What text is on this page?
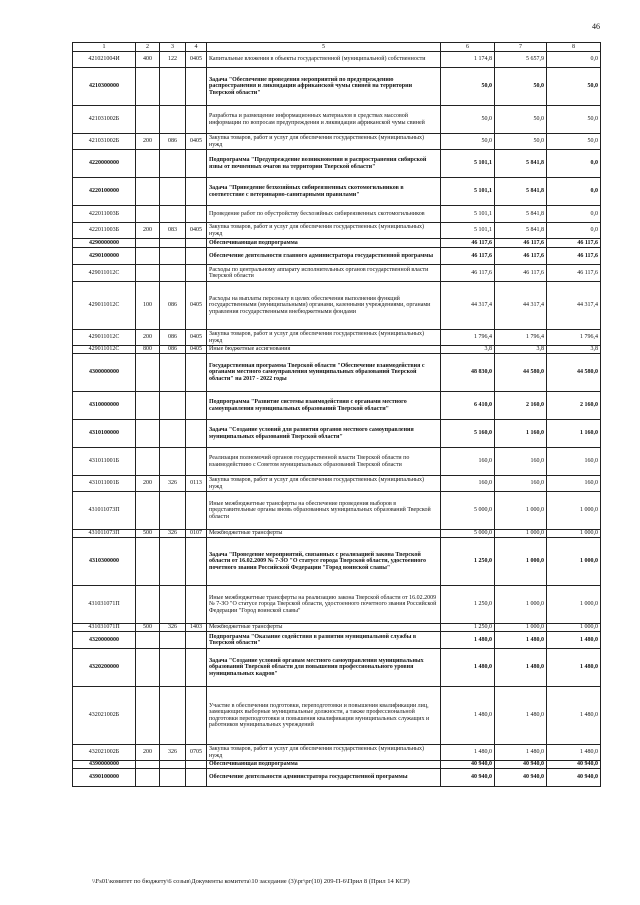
46
1	2	3	4	5	6	7	8
421021004И	400	122	0405	Капитальные вложения в объекты государственной (муниципальной) собственности	1 174,8	5 657,9	0,0
4210300000				Задача "Обеспечение проведения мероприятий по предупреждению распространения и ликвидации африканской чумы свиней на территории Тверской области"	50,0	50,0	50,0
421031002Б				Разработка и размещение информационных материалов в средствах массовой информации по вопросам предупреждения и ликвидации африканской чумы свиней	50,0	50,0	50,0
421031002Б	200	086	0405	Закупка товаров, работ и услуг для обеспечения государственных (муниципальных) нужд	50,0	50,0	50,0
4220000000				Подпрограмма "Предупреждение возникновения и распространения сибирской язвы от почвенных очагов на территории Тверской области"	5 101,1	5 841,8	0,0
4220100000				Задача "Приведение безхозяйных сибиреязвенных скотомогильников в соответствие с ветеринарно-санитарными правилами"	5 101,1	5 841,8	0,0
422011003Б				Проведение работ по обустройству бесхозяйных сибиреязвенных скотомогильников	5 101,1	5 841,8	0,0
422011003Б	200	083	0405	Закупка товаров, работ и услуг для обеспечения государственных (муниципальных) нужд	5 101,1	5 841,8	0,0
4290000000				Обеспечивающая подпрограмма	46 117,6	46 117,6	46 117,6
4290100000				Обеспечение деятельности главного администратора государственной программы	46 117,6	46 117,6	46 117,6
429011012С				Расходы по центральному аппарату исполнительных органов государственной власти Тверской области	46 117,6	46 117,6	46 117,6
429011012С	100	086	0405	Расходы на выплаты персоналу в целях обеспечения выполнения функций государственными (муниципальными) органами, казенными учреждениями, органами управления государственными внебюджетными фондами	44 317,4	44 317,4	44 317,4
429011012С	200	086	0405	Закупка товаров, работ и услуг для обеспечения государственных (муниципальных) нужд	1 796,4	1 796,4	1 796,4
429011012С	800	086	0405	Иные бюджетные ассигнования	3,8	3,8	3,8
4300000000				Государственная программа Тверской области "Обеспечение взаимодействия с органами местного самоуправления муниципальных образований Тверской области" на 2017 - 2022 годы	48 830,0	44 580,0	44 580,0
4310000000				Подпрограмма "Развитие системы взаимодействия с органами местного самоуправления муниципальных образований Тверской области"	6 410,0	2 160,0	2 160,0
4310100000				Задача "Создание условий для развития органов местного самоуправления муниципальных образований Тверской области"	5 160,0	1 160,0	1 160,0
431011001Б				Реализация полномочий органов государственной власти Тверской области по взаимодействию с Советом муниципальных образований Тверской области	160,0	160,0	160,0
431011001Б	200	326	0113	Закупка товаров, работ и услуг для обеспечения государственных (муниципальных) нужд	160,0	160,0	160,0
431011073П				Иные межбюджетные трансферты на обеспечение проведения выборов в представительные органы вновь образованных муниципальных образований Тверской области	5 000,0	1 000,0	1 000,0
431011073П	500	326	0107	Межбюджетные трансферты	5 000,0	1 000,0	1 000,0
4310300000				Задача "Проведение мероприятий, связанных с реализацией закона Тверской области от 16.02.2009 № 7-ЗО "О статусе города Тверской области, удостоенного почетного звания Российской Федерации "Город воинской славы"	1 250,0	1 000,0	1 000,0
431031071П				Иные межбюджетные трансферты на реализацию закона Тверской области от 16.02.2009 № 7-ЗО "О статусе города Тверской области, удостоенного почетного звания Российской Федерации "Город воинской славы"	1 250,0	1 000,0	1 000,0
431031071П	500	326	1403	Межбюджетные трансферты	1 250,0	1 000,0	1 000,0
4320000000				Подпрограмма "Оказание содействия в развитии муниципальной службы в Тверской области"	1 480,0	1 480,0	1 480,0
4320200000				Задача "Создание условий органам местного самоуправления муниципальных образований Тверской области для повышения профессионального уровня муниципальных кадров"	1 480,0	1 480,0	1 480,0
432021002Б				Участие в обеспечении подготовки, переподготовки и повышения квалификации лиц, замещающих выборные муниципальные должности, а также профессиональной подготовки переподготовки и повышения квалификации муниципальных служащих и работников муниципальных учреждений	1 480,0	1 480,0	1 480,0
432021002Б	200	326	0705	Закупка товаров, работ и услуг для обеспечения государственных (муниципальных) нужд	1 480,0	1 480,0	1 480,0
4390000000				Обеспечивающая подпрограмма	40 940,0	40 940,0	40 940,0
4390100000				Обеспечение деятельности администратора государственной программы	40 940,0	40 940,0	40 940,0
\\Fs01\комитет по бюджету\6 созыв\Документы комитета\10 заседание (3)\рг\рг(10) 209-П-6\Прил 8 (Прил 14 КСР)
